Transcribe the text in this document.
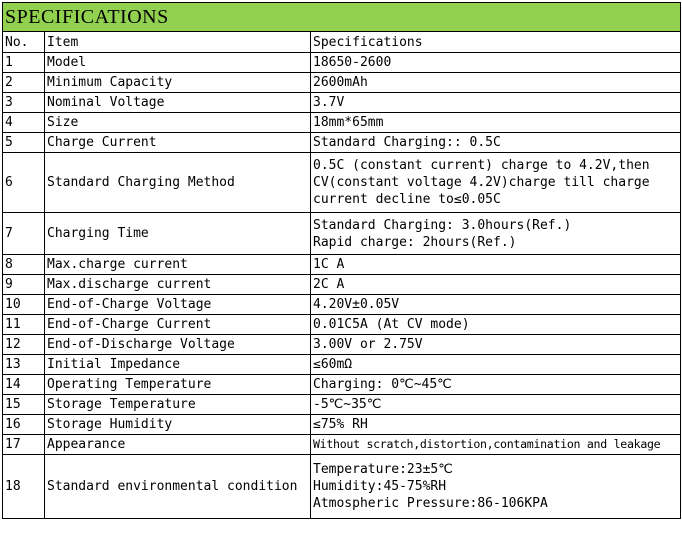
SPECIFICATIONS		
No.	Item	Specifications
1	Model	18650-2600

2	Minimum Capacity	2600mAh

3	Nominal Voltage	3.7V

4	Size	18mm*65mm

5	Charge Current	Standard Charging:: 0.5C

6	Standard Charging Method	0.5C (constant current) charge to 4.2V,then
CV(constant voltage 4.2V)charge till charge
current decline to≤0.05C

7	Charging Time	Standard Charging: 3.0hours(Ref.)
Rapid charge: 2hours(Ref.)

8	Max.charge current	1C A

9	Max.discharge current	2C A

10	End-of-Charge Voltage	4.20V±0.05V

11	End-of-Charge Current	0.01C5A (At CV mode)

12	End-of-Discharge Voltage	3.00V or 2.75V

13	Initial Impedance	≤60mΩ

14	Operating Temperature	Charging: 0℃~45℃

15	Storage Temperature	-5℃~35℃

16	Storage Humidity	≤75% RH

17	Appearance	Without scratch,distortion,contamination and leakage

18	Standard environmental condition	Temperature:23±5℃
Humidity:45-75%RH
Atmospheric Pressure:86-106KPA
